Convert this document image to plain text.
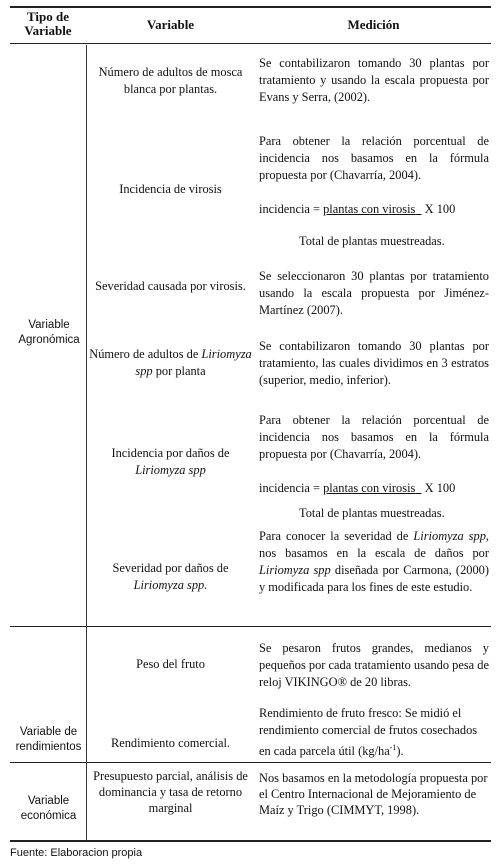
Tipo de Variable	Variable	Medición
Variable Agronómica
Variable de rendimientos
Variable económica
Número de adultos de mosca blanca por plantas.
Se contabilizaron tomando 30 plantas por tratamiento y usando la escala propuesta por Evans y Serra, (2002).
Incidencia de virosis
Para obtener la relación porcentual de incidencia nos basamos en la fórmula propuesta por (Chavarría, 2004).
incidencia = plantas con virosis X 100
Total de plantas muestreadas.
Severidad causada por virosis.
Se seleccionaron 30 plantas por tratamiento usando la escala propuesta por Jiménez-Martínez (2007).
Número de adultos de Liriomyza spp por planta
Se contabilizaron tomando 30 plantas por tratamiento, las cuales dividimos en 3 estratos (superior, medio, inferior).
Incidencia por daños de
Liriomyza spp
Para obtener la relación porcentual de incidencia nos basamos en la fórmula propuesta por (Chavarría, 2004).
incidencia = plantas con virosis X 100
Total de plantas muestreadas.
Severidad por daños de
Liriomyza spp.
Para conocer la severidad de Liriomyza spp, nos basamos en la escala de daños por Liriomyza spp diseñada por Carmona, (2000) y modificada para los fines de este estudio.
Peso del fruto
Se pesaron frutos grandes, medianos y pequeños por cada tratamiento usando pesa de reloj VIKINGO® de 20 libras.
Rendimiento comercial.
Rendimiento de fruto fresco: Se midió el rendimiento comercial de frutos cosechados en cada parcela útil $(kg/ha^{-1})$.
Presupuesto parcial, análisis de dominancia y tasa de retorno marginal
Nos basamos en la metodología propuesta por el Centro Internacional de Mejoramiento de Maíz y Trigo (CIMMYT, 1998).
Fuente: Elaboracion propia
